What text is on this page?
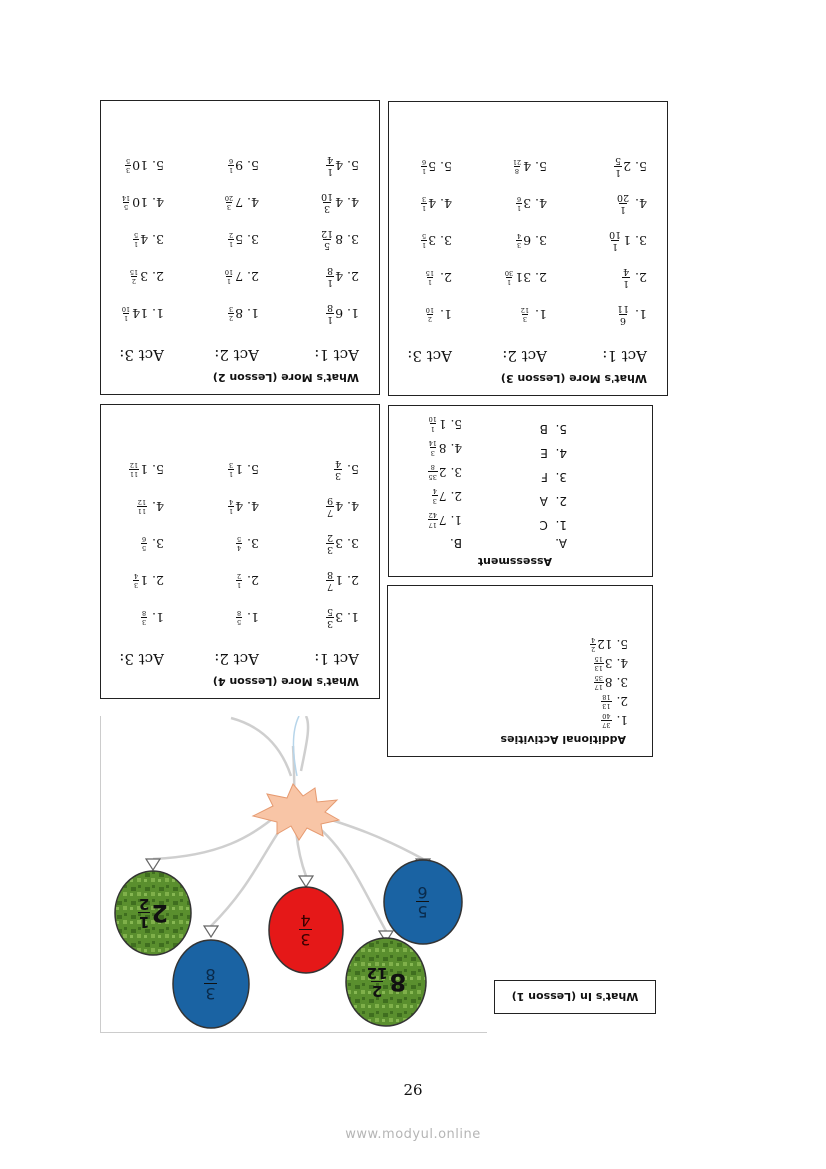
2
1
2
3
8
3
4
8
2
12
5
6
What's In (Lesson 1)
Additional Activities
1.
37
40
2.
13
18
3.
8
17
35
4.
3
13
15
5.
12
2
4
Assessment
A.
1.  C
2.  A
3.  F
4.  E
5.  B
B.
1.
7
17
42
2.
7
3
4
3.
2
35
8
4.
8
3
14
5.
1
1
10
What's More (Lesson 4)
Act 1:
1.
3
3
5
2.
1
7
8
3.
3
3
2
4.
4
7
9
5.
3
4
Act 2:
1.
5
8
2.
1
2
3.
4
5
4.
4
1
4
5.
1
1
3
Act 3:
1.
3
8
2.
1
3
4
3.
5
6
4.
11
12
5.
1
11
12
What's More (Lesson 2)
Act 1:
1.
6
1
8
2.
4
1
8
3.
8
5
12
4.
4
3
10
5.
4
1
4
Act 2:
1.
8
2
3
2.
7
1
10
3.
5
1
2
4.
7
3
20
5.
9
1
6
Act 3:
1.
14
1
10
2.
3
2
15
3.
4
1
5
4.
10
5
14
5.
10
3
5
What's More (Lesson 3)
Act 1:
1.
6
11
2.
1
4
3.
1
1
10
4.
1
20
5.
2
1
5
Act 2:
1.
3
12
2.
31
1
30
3.
6
3
4
4.
3
1
6
5.
4
8
21
Act 3:
1.
2
10
2.
1
15
3.
3
1
5
4.
4
1
3
5.
5
1
6
26
www.modyul.online
